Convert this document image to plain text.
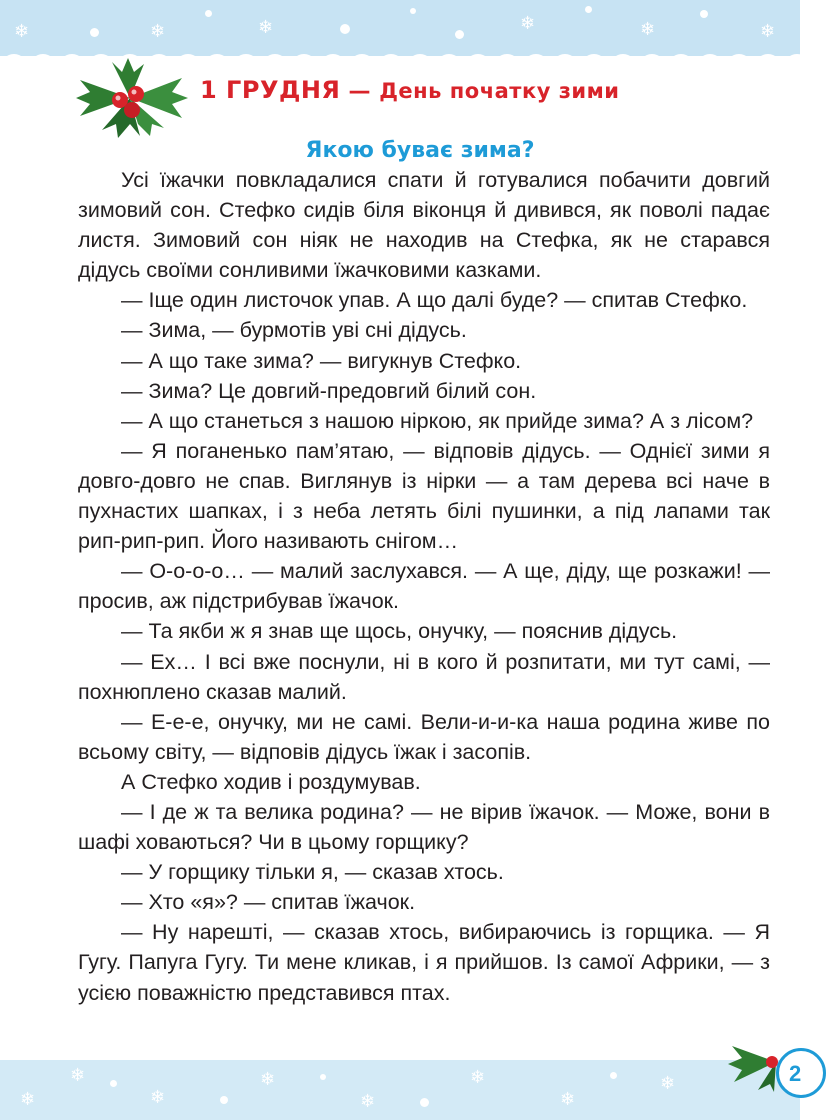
❄	❄	❄	❄	❄	❄
1 ГРУДНЯ — День початку зими
Якою буває зима?

Усі їжачки повкладалися спати й готувалися побачити довгий зимовий сон. Стефко сидів біля віконця й дивився, як поволі падає листя. Зимовий сон ніяк не находив на Стефка, як не старався дідусь своїми сонливими їжачковими казками.

— Іще один листочок упав. А що далі буде? — спитав Стефко.

— Зима, — бурмотів уві сні дідусь.

— А що таке зима? — вигукнув Стефко.

— Зима? Це довгий-предовгий білий сон.

— А що станеться з нашою ніркою, як прийде зима? А з лісом?

— Я поганенько пам’ятаю, — відповів дідусь. — Однієї зими я довго-довго не спав. Виглянув із нірки — а там дерева всі наче в пухнастих шапках, і з неба летять білі пушинки, а під лапами так рип-рип-рип. Його називають снігом…

— О-о-о-о… — малий заслухався. — А ще, діду, ще розкажи! — просив, аж підстрибував їжачок.

— Та якби ж я знав ще щось, онучку, — пояснив дідусь.

— Ех… І всі вже поснули, ні в кого й розпитати, ми тут самі, — похнюплено сказав малий.

— Е-е-е, онучку, ми не самі. Вели-и-и-ка наша родина живе по всьому світу, — відповів дідусь їжак і засопів.

А Стефко ходив і роздумував.

— І де ж та велика родина? — не вірив їжачок. — Може, вони в шафі ховаються? Чи в цьому горщику?

— У горщику тільки я, — сказав хтось.

— Хто «я»? — спитав їжачок.

— Ну нарешті, — сказав хтось, вибираючись із горщика. — Я Гугу. Папуга Гугу. Ти мене кликав, і я прийшов. Із самої Африки, — з усією поважністю представився птах.

❄
❄
❄
❄
❄
❄
❄
❄	2
